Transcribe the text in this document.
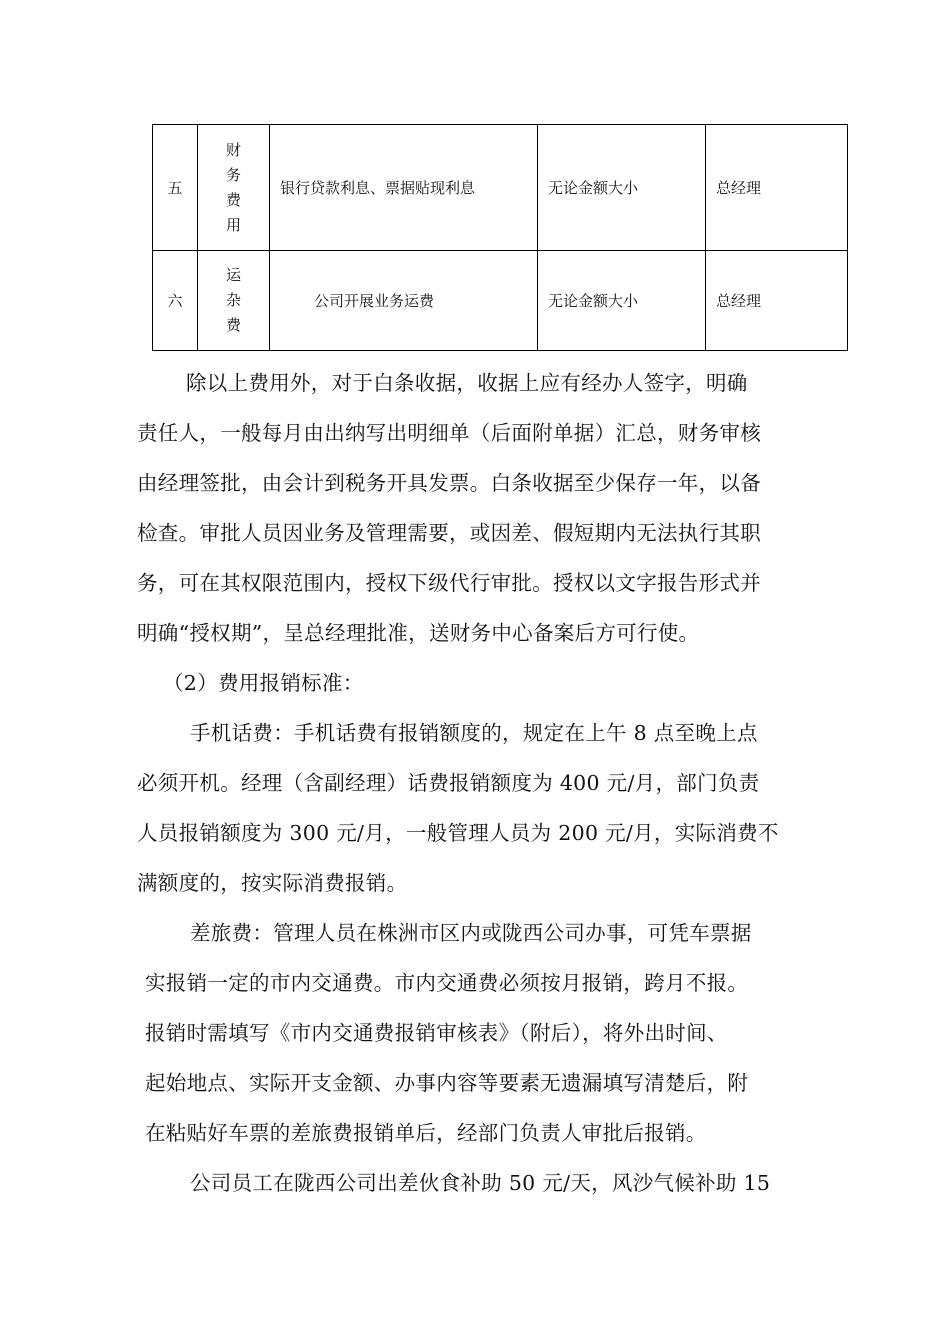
五	财务费用	银行贷款利息、票据贴现利息	无论金额大小	总经理
六	运杂费	公司开展业务运费	无论金额大小	总经理
除以上费用外，对于白条收据，收据上应有经办人签字，明确
责任人，一般每月由出纳写出明细单（后面附单据）汇总，财务审核
由经理签批，由会计到税务开具发票。白条收据至少保存一年，以备
检查。审批人员因业务及管理需要，或因差、假短期内无法执行其职
务，可在其权限范围内，授权下级代行审批。授权以文字报告形式并
明确“授权期”，呈总经理批准，送财务中心备案后方可行使。
（2）费用报销标准：
手机话费：手机话费有报销额度的，规定在上午 8 点至晚上点
必须开机。经理（含副经理）话费报销额度为 400 元/月，部门负责
人员报销额度为 300 元/月，一般管理人员为 200 元/月，实际消费不
满额度的，按实际消费报销。
差旅费：管理人员在株洲市区内或陇西公司办事，可凭车票据
实报销一定的市内交通费。市内交通费必须按月报销，跨月不报。
报销时需填写《市内交通费报销审核表》（附后），将外出时间、
起始地点、实际开支金额、办事内容等要素无遗漏填写清楚后，附
在粘贴好车票的差旅费报销单后，经部门负责人审批后报销。
公司员工在陇西公司出差伙食补助 50 元/天，风沙气候补助 15
